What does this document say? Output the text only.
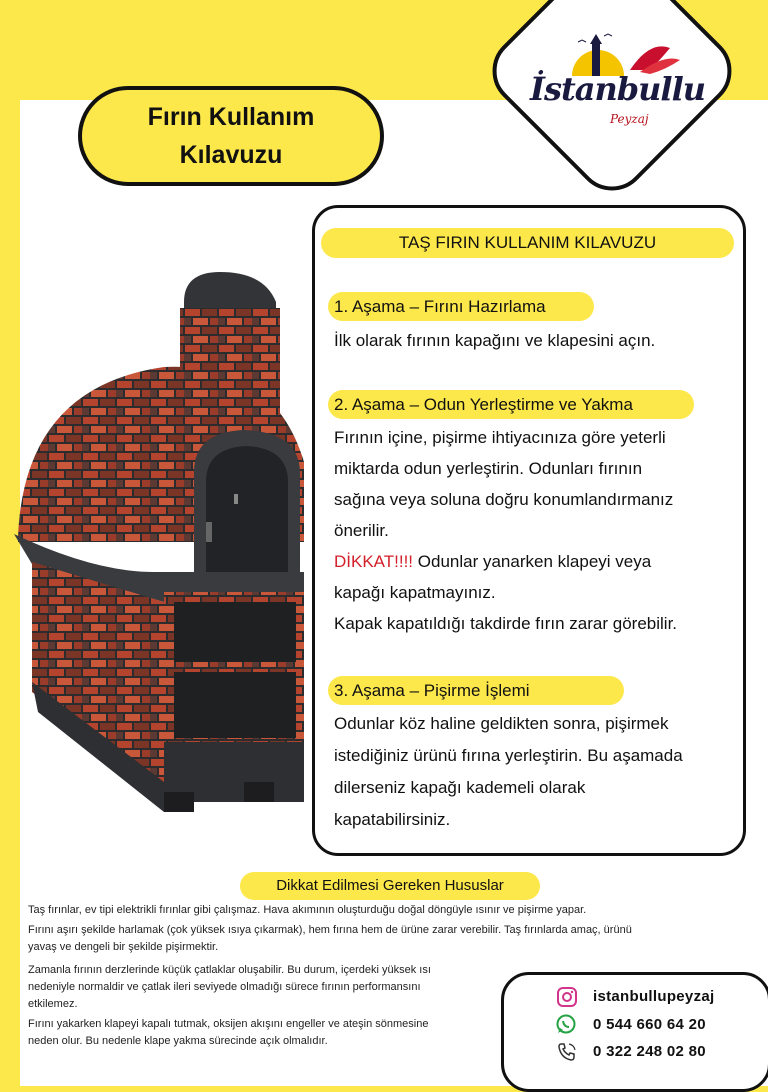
Fırın Kullanım
Kılavuzu
İstanbullu
Peyzaj
TAŞ FIRIN KULLANIM KILAVUZU
1. Aşama – Fırını Hazırlama
İlk olarak fırının kapağını ve klapesini açın.
2. Aşama – Odun Yerleştirme ve Yakma
Fırının içine, pişirme ihtiyacınıza göre yeterli
miktarda odun yerleştirin. Odunları fırının
sağına veya soluna doğru konumlandırmanız
önerilir.
DİKKAT!!!! Odunlar yanarken klapeyi veya
kapağı kapatmayınız.
Kapak kapatıldığı takdirde fırın zarar görebilir.
3. Aşama – Pişirme İşlemi
Odunlar köz haline geldikten sonra, pişirmek
istediğiniz ürünü fırına yerleştirin. Bu aşamada
dilerseniz kapağı kademeli olarak
kapatabilirsiniz.
Dikkat Edilmesi Gereken Hususlar
Taş fırınlar, ev tipi elektrikli fırınlar gibi çalışmaz. Hava akımının oluşturduğu doğal döngüyle ısınır ve pişirme yapar.
Fırını aşırı şekilde harlamak (çok yüksek ısıya çıkarmak), hem fırına hem de ürüne zarar verebilir. Taş fırınlarda amaç, ürünü
yavaş ve dengeli bir şekilde pişirmektir.
Zamanla fırının derzlerinde küçük çatlaklar oluşabilir. Bu durum, içerdeki yüksek ısı
nedeniyle normaldir ve çatlak ileri seviyede olmadığı sürece fırının performansını
etkilemez.
Fırını yakarken klapeyi kapalı tutmak, oksijen akışını engeller ve ateşin sönmesine
neden olur. Bu nedenle klape yakma sürecinde açık olmalıdır.
istanbullupeyzaj
0 544 660 64 20
0 322 248 02 80
